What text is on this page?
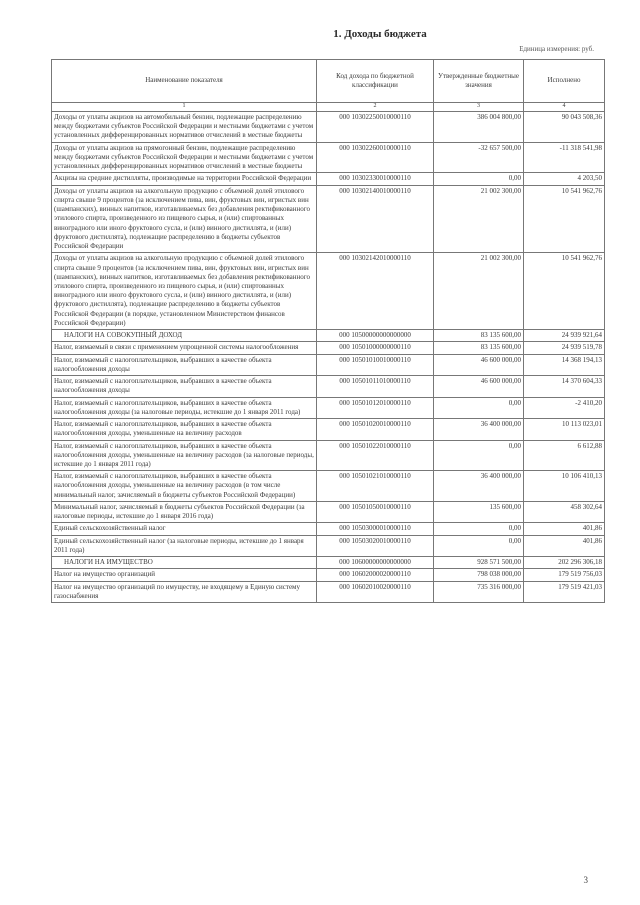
1. Доходы бюджета
Единица измерения: руб.
Наименование показателя	Код дохода по бюджетной классификации	Утвержденные бюджетные значения	Исполнено
1	2	3	4
Доходы от уплаты акцизов на автомобильный бензин, подлежащие распределению между бюджетами субъектов Российской Федерации и местными бюджетами с учетом установленных дифференцированных нормативов отчислений в местные бюджеты	000 10302250010000110	386 004 800,00	90 043 508,36
Доходы от уплаты акцизов на прямогонный бензин, подлежащие распределению между бюджетами субъектов Российской Федерации и местными бюджетами с учетом установленных дифференцированных нормативов отчислений в местные бюджеты	000 10302260010000110	-32 657 500,00	-11 318 541,98
Акцизы на средние дистилляты, производимые на территории Российской Федерации	000 10302330010000110	0,00	4 203,50
Доходы от уплаты акцизов на алкогольную продукцию с объемной долей этилового спирта свыше 9 процентов (за исключением пива, вин, фруктовых вин, игристых вин (шампанских), винных напитков, изготавливаемых без добавления ректификованного этилового спирта, произведенного из пищевого сырья, и (или) спиртованных виноградного или иного фруктового сусла, и (или) винного дистиллята, и (или) фруктового дистиллята), подлежащие распределению в бюджеты субъектов Российской Федерации	000 10302140010000110	21 002 300,00	10 541 962,76
Доходы от уплаты акцизов на алкогольную продукцию с объемной долей этилового спирта свыше 9 процентов (за исключением пива, вин, фруктовых вин, игристых вин (шампанских), винных напитков, изготавливаемых без добавления ректификованного этилового спирта, произведенного из пищевого сырья, и (или) спиртованных виноградного или иного фруктового сусла, и (или) винного дистиллята, и (или) фруктового дистиллята), подлежащие распределению в бюджеты субъектов Российской Федерации (в порядке, установленном Министерством финансов Российской Федерации)	000 10302142010000110	21 002 300,00	10 541 962,76
НАЛОГИ НА СОВОКУПНЫЙ ДОХОД	000 10500000000000000	83 135 600,00	24 939 921,64
Налог, взимаемый в связи с применением упрощенной системы налогообложения	000 10501000000000110	83 135 600,00	24 939 519,78
Налог, взимаемый с налогоплательщиков, выбравших в качестве объекта налогообложения доходы	000 10501010010000110	46 600 000,00	14 368 194,13
Налог, взимаемый с налогоплательщиков, выбравших в качестве объекта налогообложения доходы	000 10501011010000110	46 600 000,00	14 370 604,33
Налог, взимаемый с налогоплательщиков, выбравших в качестве объекта налогообложения доходы (за налоговые периоды, истекшие до 1 января 2011 года)	000 10501012010000110	0,00	-2 410,20
Налог, взимаемый с налогоплательщиков, выбравших в качестве объекта налогообложения доходы, уменьшенные на величину расходов	000 10501020010000110	36 400 000,00	10 113 023,01
Налог, взимаемый с налогоплательщиков, выбравших в качестве объекта налогообложения доходы, уменьшенные на величину расходов (за налоговые периоды, истекшие до 1 января 2011 года)	000 10501022010000110	0,00	6 612,88
Налог, взимаемый с налогоплательщиков, выбравших в качестве объекта налогообложения доходы, уменьшенные на величину расходов (в том числе минимальный налог, зачисляемый в бюджеты субъектов Российской Федерации)	000 10501021010000110	36 400 000,00	10 106 410,13
Минимальный налог, зачисляемый в бюджеты субъектов Российской Федерации (за налоговые периоды, истекшие до 1 января 2016 года)	000 10501050010000110	135 600,00	458 302,64
Единый сельскохозяйственный налог	000 10503000010000110	0,00	401,86
Единый сельскохозяйственный налог (за налоговые периоды, истекшие до 1 января 2011 года)	000 10503020010000110	0,00	401,86
НАЛОГИ НА ИМУЩЕСТВО	000 10600000000000000	928 571 500,00	202 296 306,18
Налог на имущество организаций	000 10602000020000110	798 038 000,00	179 519 756,03
Налог на имущество организаций по имуществу, не входящему в Единую систему газоснабжения	000 10602010020000110	735 316 000,00	179 519 421,03
3
